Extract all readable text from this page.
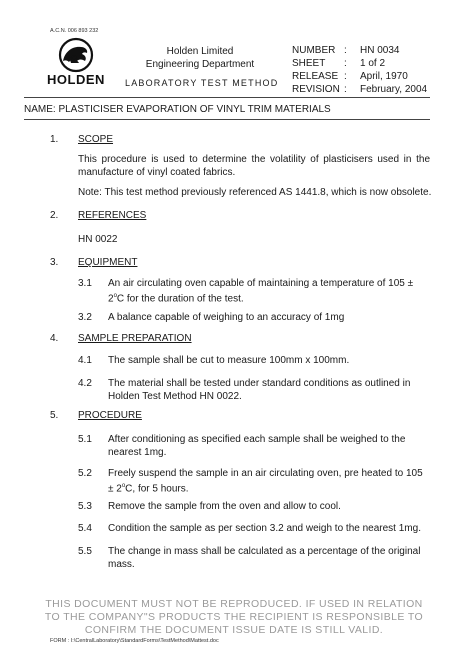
A.C.N. 006 893 232
HOLDEN
Holden Limited
Engineering Department
LABORATORY TEST METHOD
NUMBER :	HN 0034
SHEET	:	1 of 2
RELEASE :	April, 1970
REVISION :	February, 2004
NAME: PLASTICISER EVAPORATION OF VINYL TRIM MATERIALS
1. SCOPE
This procedure is used to determine the volatility of plasticisers used in the manufacture of vinyl coated fabrics.
Note: This test method previously referenced AS 1441.8, which is now obsolete.
2. REFERENCES
HN 0022
3. EQUIPMENT
3.1	An air circulating oven capable of maintaining a temperature of $105 \pm 2^oC$ for the duration of the test.
3.2	A balance capable of weighing to an accuracy of 1mg
4. SAMPLE PREPARATION
4.1	The sample shall be cut to measure 100mm x 100mm.
4.2	The material shall be tested under standard conditions as outlined in Holden Test Method HN 0022.
5. PROCEDURE
5.1	After conditioning as specified each sample shall be weighed to the nearest 1mg.
5.2	Freely suspend the sample in an air circulating oven, pre heated to $105 \pm 2^oC$, for 5 hours.
5.3	Remove the sample from the oven and allow to cool.
5.4	Condition the sample as per section 3.2 and weigh to the nearest 1mg.
5.5	The change in mass shall be calculated as a percentage of the original mass.
THIS DOCUMENT MUST NOT BE REPRODUCED. IF USED IN RELATION
TO THE COMPANY"S PRODUCTS THE RECIPIENT IS RESPONSIBLE TO
CONFIRM THE DOCUMENT ISSUE DATE IS STILL VALID.
FORM : I:\CentralLaboratory\StandardForms\TestMethod\Mattest.doc
